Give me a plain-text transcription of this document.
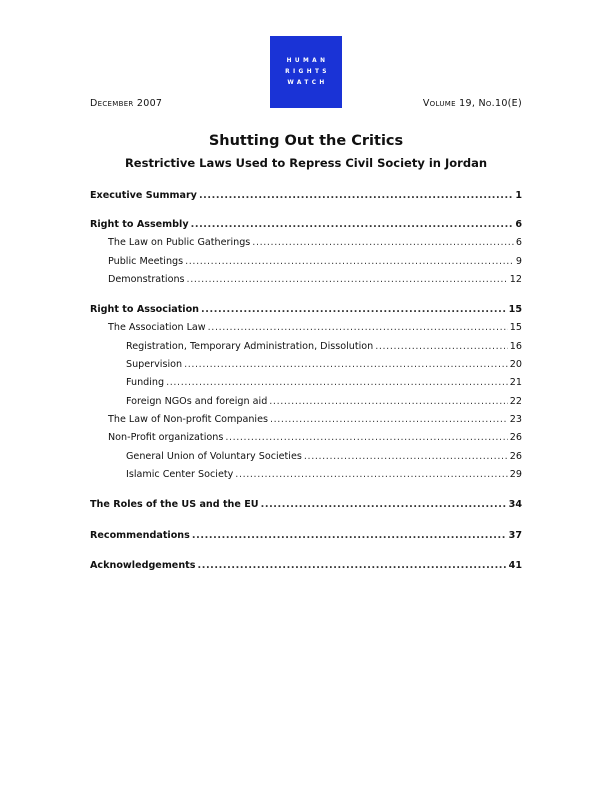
HUMAN
RIGHTS
WATCH
December 2007	Volume 19, No.10(E)
Shutting Out the Critics
Restrictive Laws Used to Repress Civil Society in Jordan
Executive Summary .....	1
Right to Assembly .....	6
The Law on Public Gatherings .....	6
Public Meetings .....	9
Demonstrations .....	12
Right to Association .....	15
The Association Law .....	15
Registration, Temporary Administration, Dissolution .....	16
Supervision .....	20
Funding .....	21
Foreign NGOs and foreign aid .....	22
The Law of Non-profit Companies .....	23
Non-Profit organizations .....	26
General Union of Voluntary Societies .....	26
Islamic Center Society .....	29
The Roles of the US and the EU .....	34
Recommendations .....	37
Acknowledgements .....	41
